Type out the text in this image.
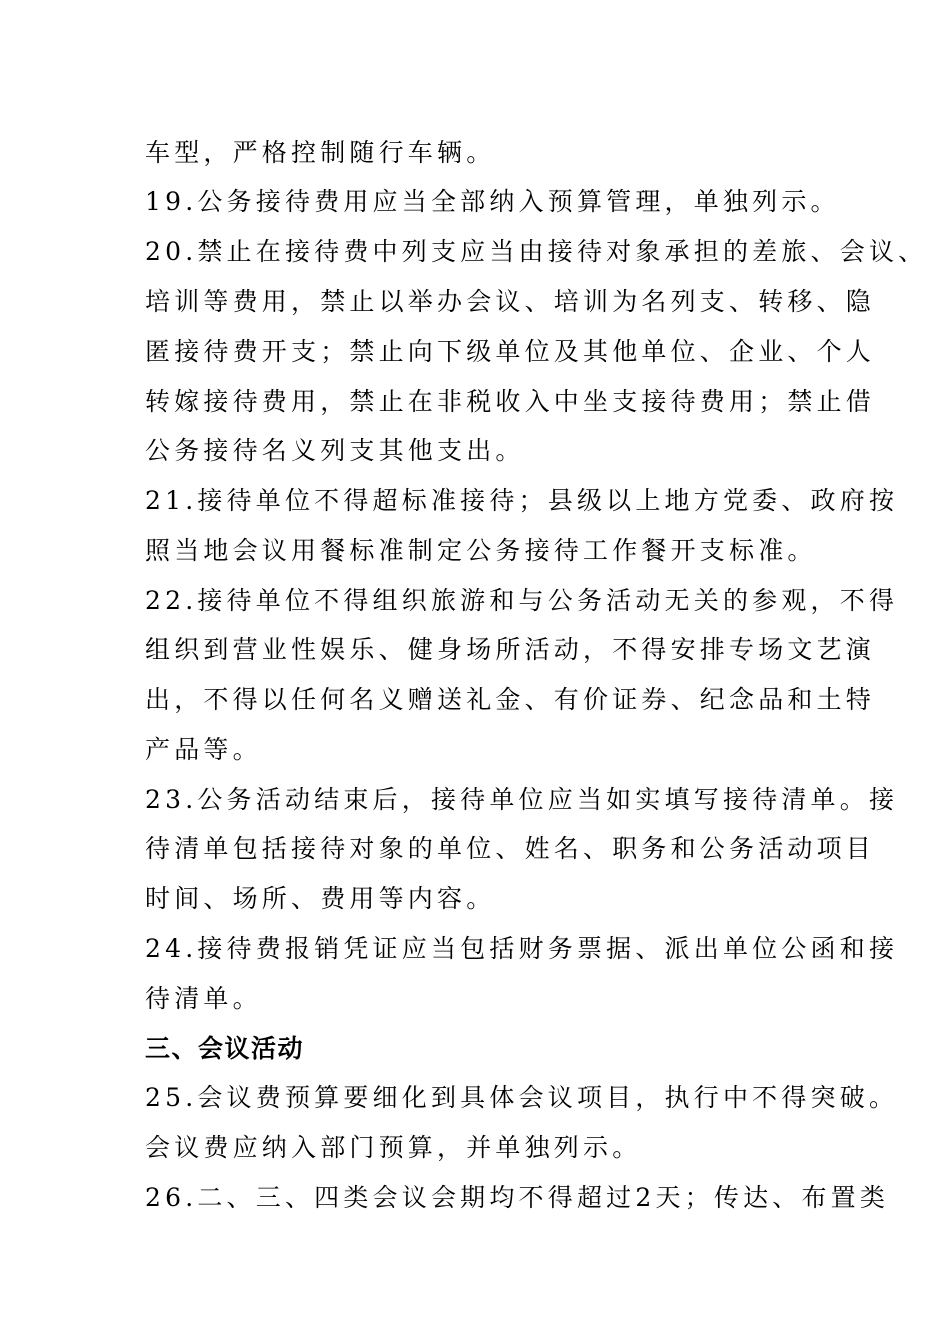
车型，严格控制随行车辆。
19.公务接待费用应当全部纳入预算管理，单独列示。
20.禁止在接待费中列支应当由接待对象承担的差旅、会议、
培训等费用，禁止以举办会议、培训为名列支、转移、隐
匿接待费开支；禁止向下级单位及其他单位、企业、个人
转嫁接待费用，禁止在非税收入中坐支接待费用；禁止借
公务接待名义列支其他支出。
21.接待单位不得超标准接待；县级以上地方党委、政府按
照当地会议用餐标准制定公务接待工作餐开支标准。
22.接待单位不得组织旅游和与公务活动无关的参观，不得
组织到营业性娱乐、健身场所活动，不得安排专场文艺演
出，不得以任何名义赠送礼金、有价证券、纪念品和土特
产品等。
23.公务活动结束后，接待单位应当如实填写接待清单。接
待清单包括接待对象的单位、姓名、职务和公务活动项目
时间、场所、费用等内容。
24.接待费报销凭证应当包括财务票据、派出单位公函和接
待清单。
三、会议活动
25.会议费预算要细化到具体会议项目，执行中不得突破。
会议费应纳入部门预算，并单独列示。
26.二、三、四类会议会期均不得超过2天；传达、布置类
